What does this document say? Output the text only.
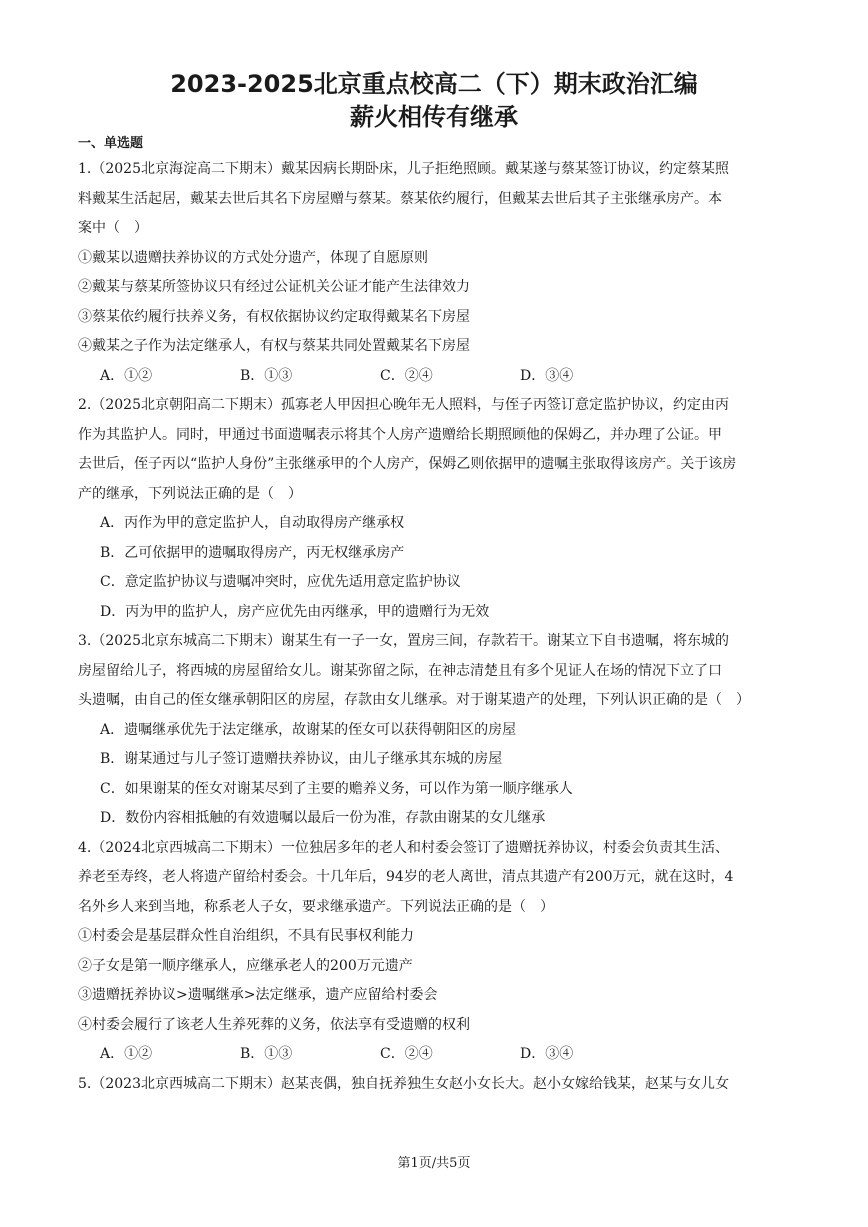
2023-2025北京重点校高二（下）期末政治汇编
薪火相传有继承

一、单选题

1.（2025北京海淀高二下期末）戴某因病长期卧床，儿子拒绝照顾。戴某遂与蔡某签订协议，约定蔡某照

料戴某生活起居，戴某去世后其名下房屋赠与蔡某。蔡某依约履行，但戴某去世后其子主张继承房产。本

案中（　）

①戴某以遗赠扶养协议的方式处分遗产，体现了自愿原则

②戴某与蔡某所签协议只有经过公证机关公证才能产生法律效力

③蔡某依约履行扶养义务，有权依据协议约定取得戴某名下房屋

④戴某之子作为法定继承人，有权与蔡某共同处置戴某名下房屋

A．①②	B．①③	C．②④	D．③④

2.（2025北京朝阳高二下期末）孤寡老人甲因担心晚年无人照料，与侄子丙签订意定监护协议，约定由丙

作为其监护人。同时，甲通过书面遗嘱表示将其个人房产遗赠给长期照顾他的保姆乙，并办理了公证。甲

去世后，侄子丙以“监护人身份”主张继承甲的个人房产，保姆乙则依据甲的遗嘱主张取得该房产。关于该房

产的继承，下列说法正确的是（　）

A．丙作为甲的意定监护人，自动取得房产继承权

B．乙可依据甲的遗嘱取得房产，丙无权继承房产

C．意定监护协议与遗嘱冲突时，应优先适用意定监护协议

D．丙为甲的监护人，房产应优先由丙继承，甲的遗赠行为无效

3.（2025北京东城高二下期末）谢某生有一子一女，置房三间，存款若干。谢某立下自书遗嘱，将东城的

房屋留给儿子，将西城的房屋留给女儿。谢某弥留之际，在神志清楚且有多个见证人在场的情况下立了口

头遗嘱，由自己的侄女继承朝阳区的房屋，存款由女儿继承。对于谢某遗产的处理，下列认识正确的是（　）

A．遗嘱继承优先于法定继承，故谢某的侄女可以获得朝阳区的房屋

B．谢某通过与儿子签订遗赠扶养协议，由儿子继承其东城的房屋

C．如果谢某的侄女对谢某尽到了主要的赡养义务，可以作为第一顺序继承人

D．数份内容相抵触的有效遗嘱以最后一份为准，存款由谢某的女儿继承

4.（2024北京西城高二下期末）一位独居多年的老人和村委会签订了遗赠抚养协议，村委会负责其生活、

养老至寿终，老人将遗产留给村委会。十几年后，94岁的老人离世，清点其遗产有200万元，就在这时，4

名外乡人来到当地，称系老人子女，要求继承遗产。下列说法正确的是（　）

①村委会是基层群众性自治组织，不具有民事权利能力

②子女是第一顺序继承人，应继承老人的200万元遗产

③遗赠抚养协议>遗嘱继承>法定继承，遗产应留给村委会

④村委会履行了该老人生养死葬的义务，依法享有受遗赠的权利

A．①②	B．①③	C．②④	D．③④

5.（2023北京西城高二下期末）赵某丧偶，独自抚养独生女赵小女长大。赵小女嫁给钱某，赵某与女儿女

第1页/共5页
